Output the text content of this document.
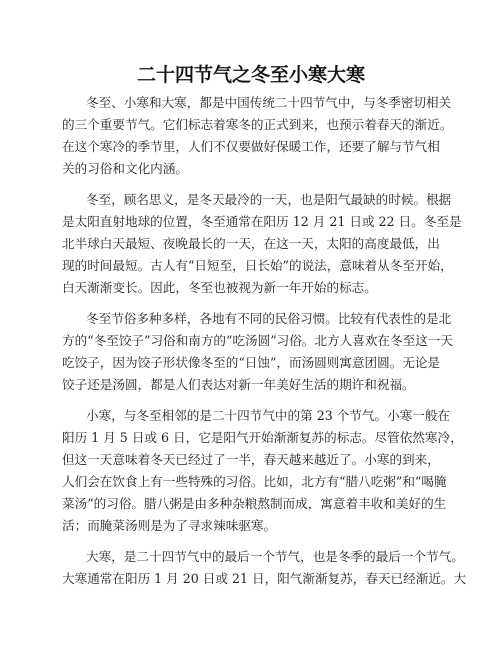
二十四节气之冬至小寒大寒
冬至、小寒和大寒，都是中国传统二十四节气中，与冬季密切相关
的三个重要节气。它们标志着寒冬的正式到来，也预示着春天的渐近。
在这个寒冷的季节里，人们不仅要做好保暖工作，还要了解与节气相
关的习俗和文化内涵。
冬至，顾名思义，是冬天最冷的一天，也是阳气最缺的时候。根据
是太阳直射地球的位置，冬至通常在阳历 12 月 21 日或 22 日。冬至是
北半球白天最短、夜晚最长的一天，在这一天，太阳的高度最低，出
现的时间最短。古人有“日短至，日长始”的说法，意味着从冬至开始，
白天渐渐变长。因此，冬至也被视为新一年开始的标志。
冬至节俗多种多样，各地有不同的民俗习惯。比较有代表性的是北
方的“冬至饺子”习俗和南方的“吃汤圆”习俗。北方人喜欢在冬至这一天
吃饺子，因为饺子形状像冬至的“日蚀”，而汤圆则寓意团圆。无论是
饺子还是汤圆，都是人们表达对新一年美好生活的期许和祝福。
小寒，与冬至相邻的是二十四节气中的第 23 个节气。小寒一般在
阳历 1 月 5 日或 6 日，它是阳气开始渐渐复苏的标志。尽管依然寒冷，
但这一天意味着冬天已经过了一半，春天越来越近了。小寒的到来，
人们会在饮食上有一些特殊的习俗。比如，北方有“腊八吃粥”和“喝腌
菜汤”的习俗。腊八粥是由多种杂粮熬制而成，寓意着丰收和美好的生
活；而腌菜汤则是为了寻求辣味驱寒。
大寒，是二十四节气中的最后一个节气，也是冬季的最后一个节气。
大寒通常在阳历 1 月 20 日或 21 日，阳气渐渐复苏，春天已经渐近。大
